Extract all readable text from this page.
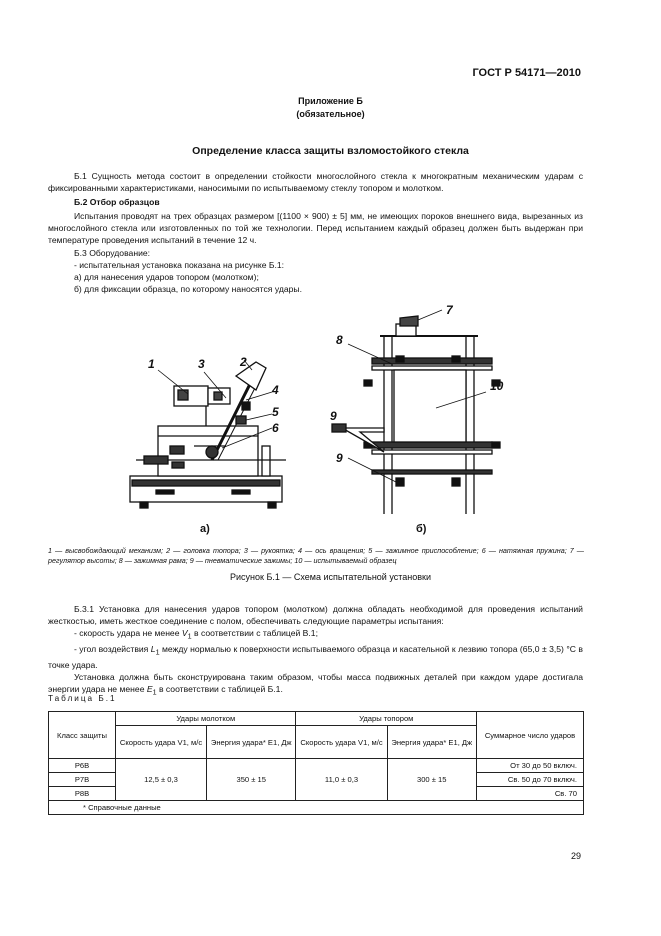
ГОСТ Р 54171—2010
Приложение Б
(обязательное)
Определение класса защиты взломостойкого стекла

Б.1 Сущность метода состоит в определении стойкости многослойного стекла к многократным механическим ударам с фиксированными характеристиками, наносимыми по испытываемому стеклу топором и молотком.

Б.2 Отбор образцов

Испытания проводят на трех образцах размером [(1100 × 900) ± 5] мм, не имеющих пороков внешнего вида, вырезанных из многослойного стекла или изготовленных по той же технологии. Перед испытанием каждый образец должен быть выдержан при температуре проведения испытаний в течение 12 ч.

Б.3 Оборудование:

- испытательная установка показана на рисунке Б.1:

а) для нанесения ударов топором (молотком);

б) для фиксации образца, по которому наносятся удары.

1	2
3
4
5
6
7
8
9
10
9
а)	б)
1 — высвобождающий механизм; 2 — головка топора; 3 — рукоятка; 4 — ось вращения; 5 — зажимное приспособление; 6 — натяжная пружина; 7 — регулятор высоты; 8 — зажимная рама; 9 — пневматические зажимы; 10 — испытываемый образец
Рисунок Б.1 — Схема испытательной установки

Б.3.1 Установка для нанесения ударов топором (молотком) должна обладать необходимой для проведения испытаний жесткостью, иметь жесткое соединение с полом, обеспечивать следующие параметры испытания:

- скорость удара не менее $V_1$ в соответствии с таблицей В.1;

- угол воздействия $L_1$ между нормалью к поверхности испытываемого образца и касательной к лезвию топора (65,0 ± 3,5) °С в точке удара.

Установка должна быть сконструирована таким образом, чтобы масса подвижных деталей при каждом ударе достигала энергии удара не менее $E_1$ в соответствии с таблицей Б.1.

Таблица Б.1
Класс защиты	Удары молотком		Удары топором		Суммарное число ударов
	Скорость удара V1, м/с	Энергия удара* E1, Дж	Скорость удара V1, м/с	Энергия удара* E1, Дж	
Р6В	12,5 ± 0,3	350 ± 15	11,0 ± 0,3	300 ± 15	От 30 до 50 включ.
Р7В					Св. 50 до 70 включ.
Р8В					Св. 70
* Справочные данные					
29
